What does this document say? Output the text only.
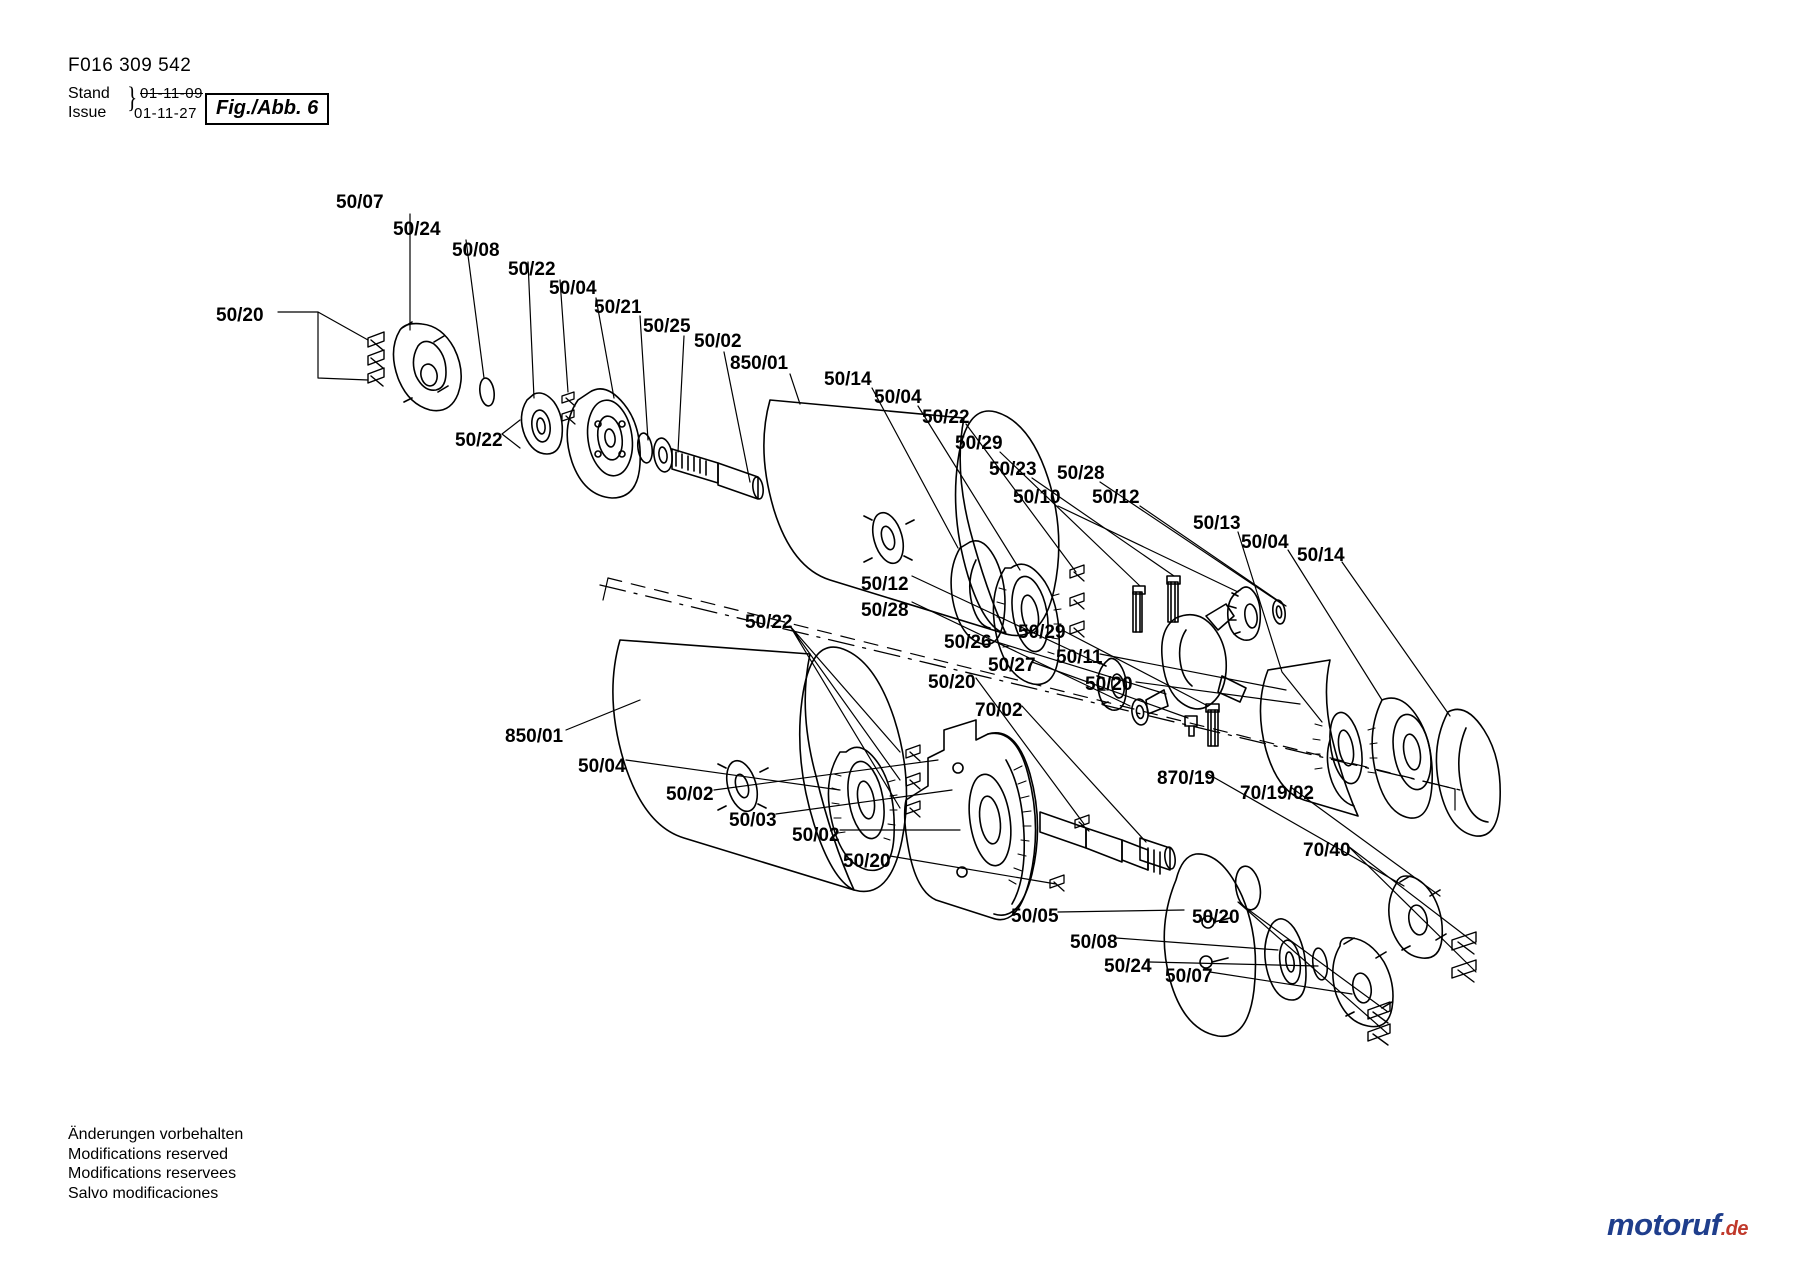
F016 309 542
Stand
Issue } 01-11-09
01-11-27 Fig./Abb. 6
50/07
50/24
50/08
50/22
50/04
50/21
50/25
50/02
850/01
50/20
50/22
50/14
50/04
50/22
50/29
50/23 50/28
50/10 50/12
50/13
50/04
50/14
50/12
50/28
50/26 50/29
50/27 50/11
50/20
50/22
850/01
50/04
50/02
50/03
50/02
50/20
50/20
70/02
870/19
70/19/02
70/40
50/20
50/05
50/08
50/24 50/07
Änderungen vorbehalten
Modifications reserved
Modifications reservees
Salvo modificaciones
motoruf.de
